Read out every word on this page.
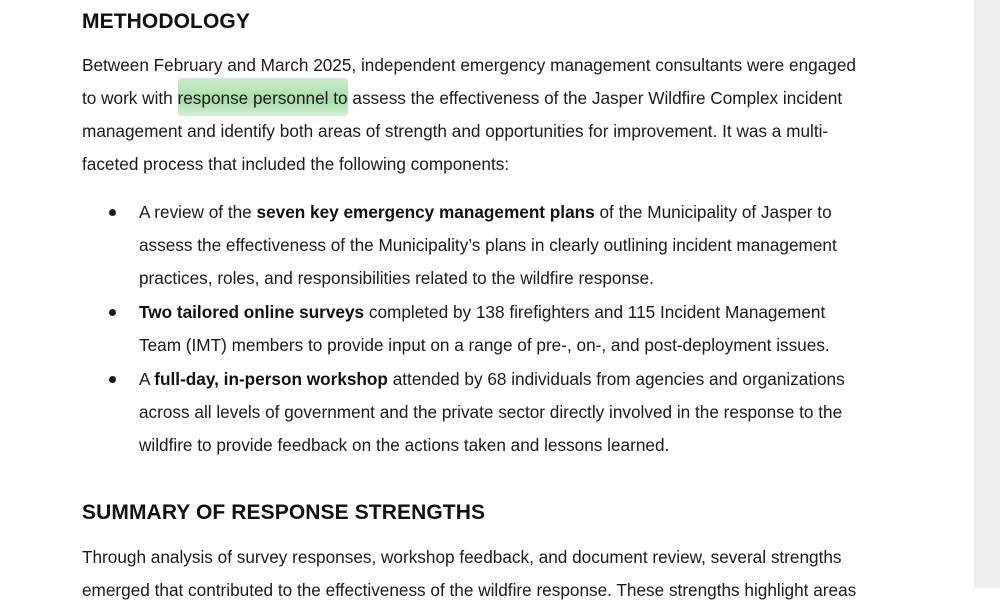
METHODOLOGY

Between February and March 2025, independent emergency management consultants were engaged to work with response personnel to assess the effectiveness of the Jasper Wildfire Complex incident management and identify both areas of strength and opportunities for improvement. It was a multi-faceted process that included the following components:

A review of the seven key emergency management plans of the Municipality of Jasper to assess the effectiveness of the Municipality’s plans in clearly outlining incident management practices, roles, and responsibilities related to the wildfire response.
Two tailored online surveys completed by 138 firefighters and 115 Incident Management Team (IMT) members to provide input on a range of pre-, on-, and post-deployment issues.
A full-day, in-person workshop attended by 68 individuals from agencies and organizations across all levels of government and the private sector directly involved in the response to the wildfire to provide feedback on the actions taken and lessons learned.
SUMMARY OF RESPONSE STRENGTHS

Through analysis of survey responses, workshop feedback, and document review, several strengths emerged that contributed to the effectiveness of the wildfire response. These strengths highlight areas
